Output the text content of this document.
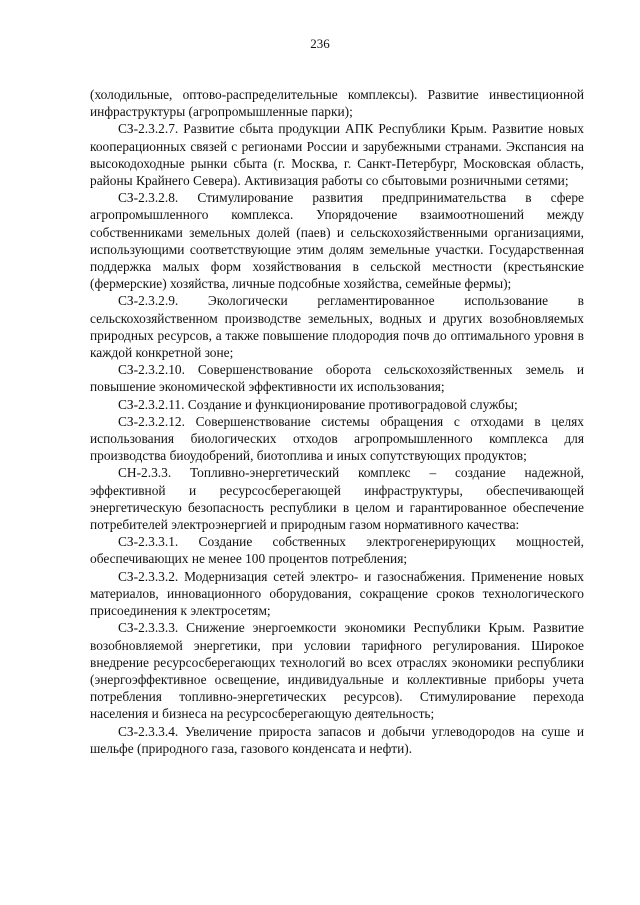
236

(холодильные, оптово-распределительные комплексы). Развитие инвестиционной инфраструктуры (агропромышленные парки);

СЗ-2.3.2.7. Развитие сбыта продукции АПК Республики Крым. Развитие новых кооперационных связей с регионами России и зарубежными странами. Экспансия на высокодоходные рынки сбыта (г. Москва, г. Санкт-Петербург, Московская область, районы Крайнего Севера). Активизация работы со сбытовыми розничными сетями;

СЗ-2.3.2.8. Стимулирование развития предпринимательства в сфере агропромышленного комплекса. Упорядочение взаимоотношений между собственниками земельных долей (паев) и сельскохозяйственными организациями, использующими соответствующие этим долям земельные участки. Государственная поддержка малых форм хозяйствования в сельской местности (крестьянские (фермерские) хозяйства, личные подсобные хозяйства, семейные фермы);

СЗ-2.3.2.9. Экологически регламентированное использование в сельскохозяйственном производстве земельных, водных и других возобновляемых природных ресурсов, а также повышение плодородия почв до оптимального уровня в каждой конкретной зоне;

СЗ-2.3.2.10. Совершенствование оборота сельскохозяйственных земель и повышение экономической эффективности их использования;

СЗ-2.3.2.11. Создание и функционирование противоградовой службы;

СЗ-2.3.2.12. Совершенствование системы обращения с отходами в целях использования биологических отходов агропромышленного комплекса для производства биоудобрений, биотоплива и иных сопутствующих продуктов;

СН-2.3.3. Топливно-энергетический комплекс – создание надежной, эффективной и ресурсосберегающей инфраструктуры, обеспечивающей энергетическую безопасность республики в целом и гарантированное обеспечение потребителей электроэнергией и природным газом нормативного качества:

СЗ-2.3.3.1. Создание собственных электрогенерирующих мощностей, обеспечивающих не менее 100 процентов потребления;

СЗ-2.3.3.2. Модернизация сетей электро- и газоснабжения. Применение новых материалов, инновационного оборудования, сокращение сроков технологического присоединения к электросетям;

СЗ-2.3.3.3. Снижение энергоемкости экономики Республики Крым. Развитие возобновляемой энергетики, при условии тарифного регулирования. Широкое внедрение ресурсосберегающих технологий во всех отраслях экономики республики (энергоэффективное освещение, индивидуальные и коллективные приборы учета потребления топливно-энергетических ресурсов). Стимулирование перехода населения и бизнеса на ресурсосберегающую деятельность;

СЗ-2.3.3.4. Увеличение прироста запасов и добычи углеводородов на суше и шельфе (природного газа, газового конденсата и нефти).
